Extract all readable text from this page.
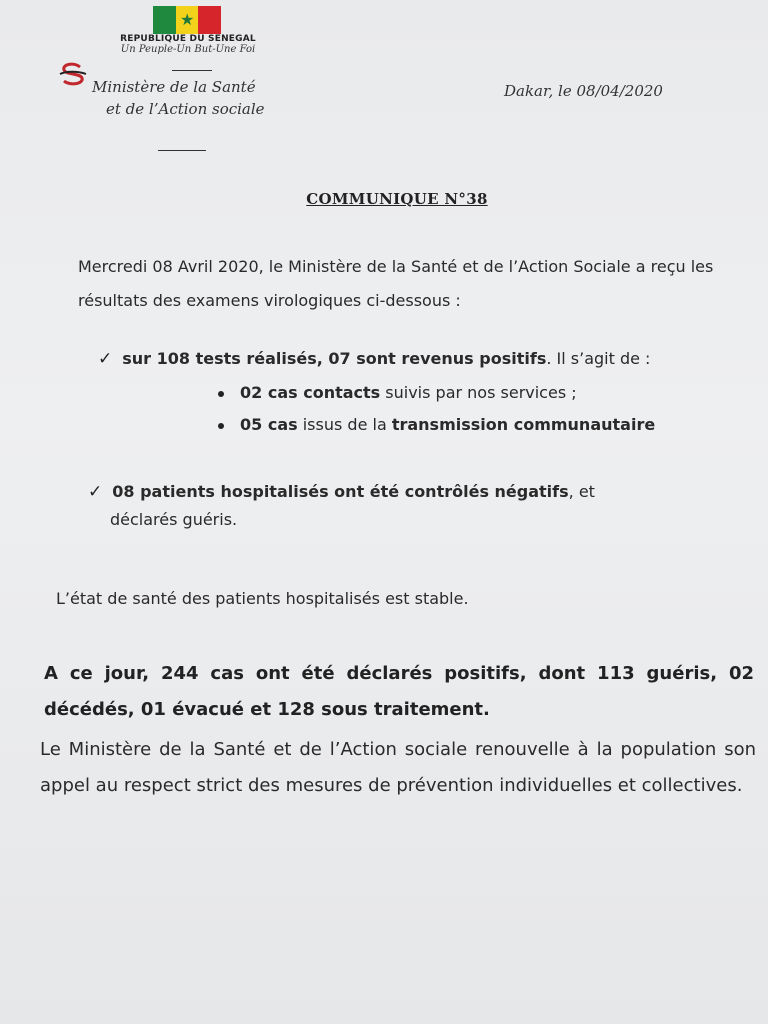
★
REPUBLIQUE DU SENEGAL
Un Peuple-Un But-Une Foi
Ministère de la Santé
et de l’Action sociale
Dakar, le 08/04/2020
COMMUNIQUE N°38
Mercredi 08 Avril 2020, le Ministère de la Santé et de l’Action Sociale a reçu les résultats des examens virologiques ci-dessous :
✓ sur 108 tests réalisés, 07 sont revenus positifs. Il s’agit de :
02 cas contacts suivis par nos services ;
05 cas issus de la transmission communautaire
✓ 08 patients hospitalisés ont été contrôlés négatifs, et
déclarés guéris.
L’état de santé des patients hospitalisés est stable.
A ce jour, 244 cas ont été déclarés positifs, dont 113 guéris, 02 décédés, 01 évacué et 128 sous traitement.
Le Ministère de la Santé et de l’Action sociale renouvelle à la population son appel au respect strict des mesures de prévention individuelles et collectives.
